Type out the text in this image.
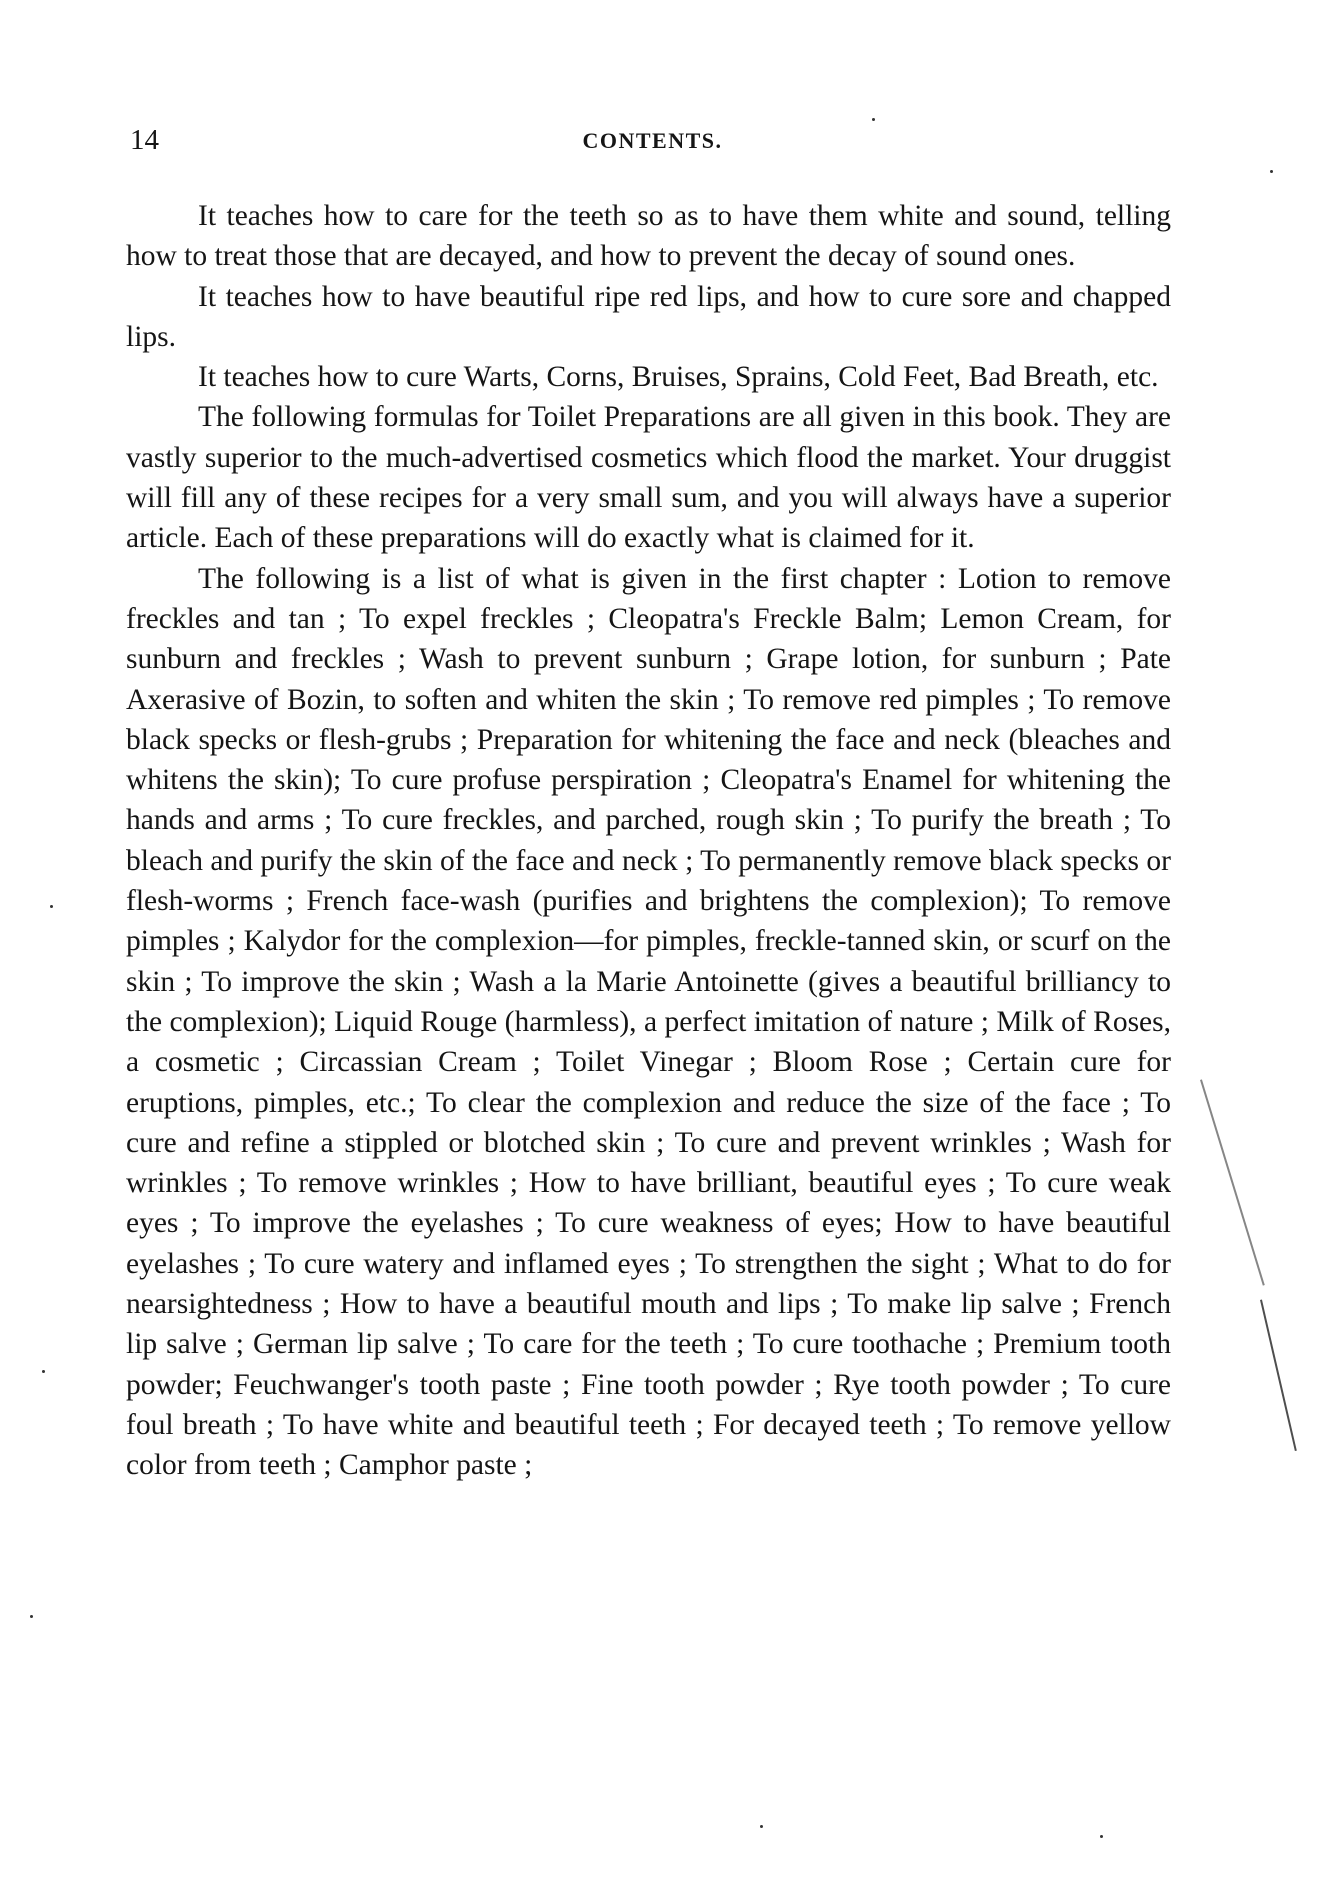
14	CONTENTS.

It teaches how to care for the teeth so as to have them white and sound, telling how to treat those that are decayed, and how to prevent the decay of sound ones.

It teaches how to have beautiful ripe red lips, and how to cure sore and chapped lips.

It teaches how to cure Warts, Corns, Bruises, Sprains, Cold Feet, Bad Breath, etc.

The following formulas for Toilet Preparations are all given in this book. They are vastly superior to the much-advertised cosmetics which flood the market. Your druggist will fill any of these recipes for a very small sum, and you will always have a superior article. Each of these preparations will do exactly what is claimed for it.

The following is a list of what is given in the first chapter : Lotion to remove freckles and tan ; To expel freckles ; Cleopatra's Freckle Balm; Lemon Cream, for sunburn and freckles ; Wash to prevent sunburn ; Grape lotion, for sunburn ; Pate Axerasive of Bozin, to soften and whiten the skin ; To remove red pimples ; To remove black specks or flesh-grubs ; Preparation for whitening the face and neck (bleaches and whitens the skin); To cure profuse perspiration ; Cleopatra's Enamel for whitening the hands and arms ; To cure freckles, and parched, rough skin ; To purify the breath ; To bleach and purify the skin of the face and neck ; To permanently remove black specks or flesh-worms ; French face-wash (purifies and brightens the complexion); To remove pimples ; Kalydor for the complexion—for pimples, freckle-tanned skin, or scurf on the skin ; To improve the skin ; Wash a la Marie Antoinette (gives a beautiful brilliancy to the complexion); Liquid Rouge (harmless), a perfect imitation of nature ; Milk of Roses, a cosmetic ; Circassian Cream ; Toilet Vinegar ; Bloom Rose ; Certain cure for eruptions, pimples, etc.; To clear the complexion and reduce the size of the face ; To cure and refine a stippled or blotched skin ; To cure and prevent wrinkles ; Wash for wrinkles ; To remove wrinkles ; How to have brilliant, beautiful eyes ; To cure weak eyes ; To improve the eyelashes ; To cure weakness of eyes; How to have beautiful eyelashes ; To cure watery and inflamed eyes ; To strengthen the sight ; What to do for nearsightedness ; How to have a beautiful mouth and lips ; To make lip salve ; French lip salve ; German lip salve ; To care for the teeth ; To cure toothache ; Premium tooth powder; Feuchwanger's tooth paste ; Fine tooth powder ; Rye tooth powder ; To cure foul breath ; To have white and beautiful teeth ; For decayed teeth ; To remove yellow color from teeth ; Camphor paste ;
